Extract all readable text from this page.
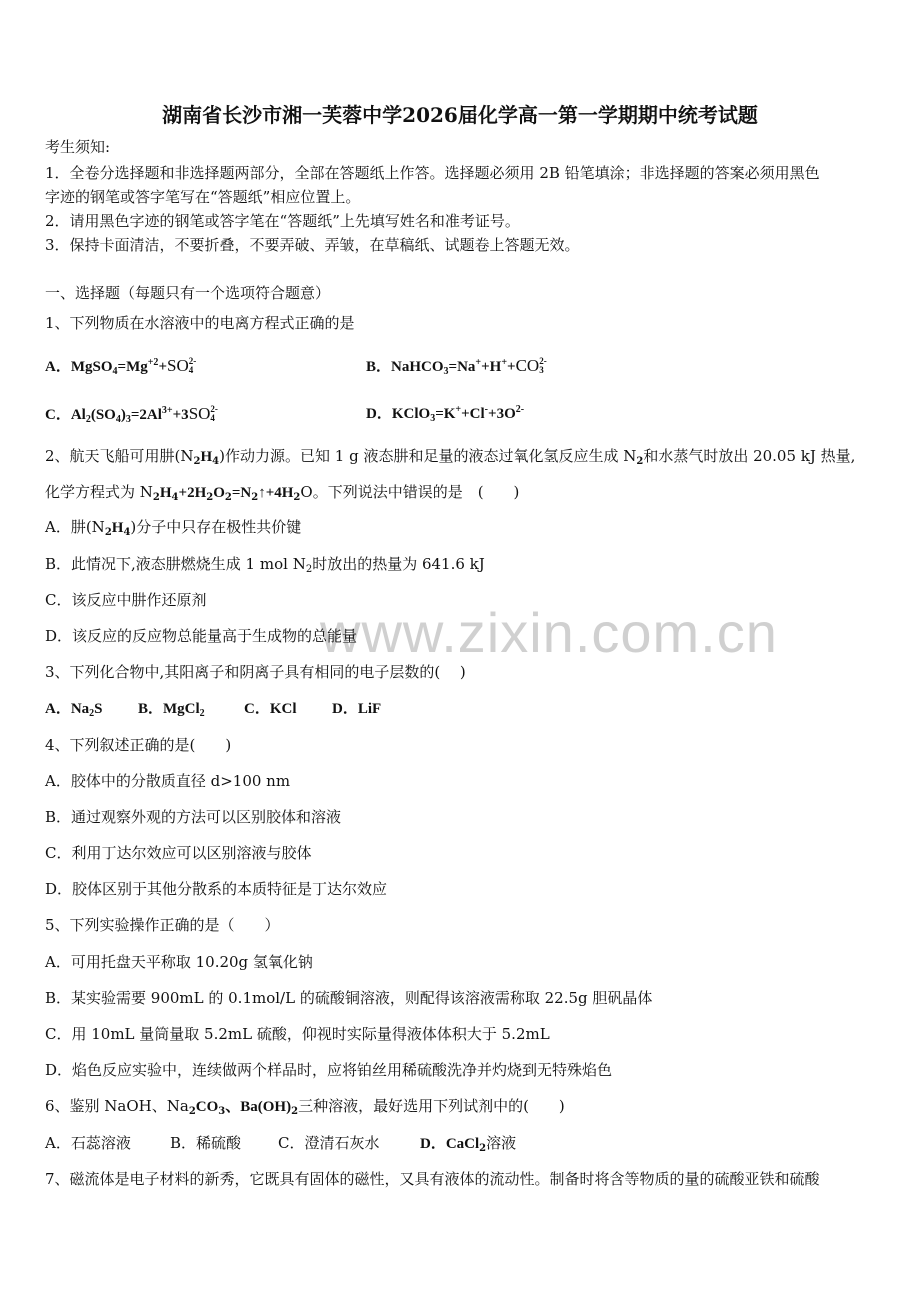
www.zixin.com.cn
湖南省长沙市湘一芙蓉中学2026届化学高一第一学期期中统考试题
考生须知:
1．全卷分选择题和非选择题两部分，全部在答题纸上作答。选择题必须用 2B 铅笔填涂；非选择题的答案必须用黑色
字迹的钢笔或答字笔写在“答题纸”相应位置上。
2．请用黑色字迹的钢笔或答字笔在“答题纸”上先填写姓名和准考证号。
3．保持卡面清洁，不要折叠，不要弄破、弄皱，在草稿纸、试题卷上答题无效。
一、选择题（每题只有一个选项符合题意）
1、下列物质在水溶液中的电离方程式正确的是
A．$MgSO_4=Mg^{+2}+SO$ 2-
4	B．NaHCO$_3$=Na++H++CO 2-
3
C．$Al_2(SO_4)_3=2Al^{3+}+3SO$ 2-
4	D．$KClO_3=K^++Cl^-+3O^{2-}$
2、航天飞船可用肼$(N_2H_4)$作动力源。已知 1 g 液态肼和足量的液态过氧化氢反应生成 $N_2$和水蒸气时放出 20.05 kJ 热量,
化学方程式为 $N_2H_4+2H_2O_2=N_2↑+4H_2O$。下列说法中错误的是　(　　)
A．肼$(N_2H_4)$分子中只存在极性共价键
B．此情况下,液态肼燃烧生成 1 mol $N_2$时放出的热量为 641.6 kJ
C．该反应中肼作还原剂
D．该反应的反应物总能量高于生成物的总能量
3、下列化合物中,其阳离子和阴离子具有相同的电子层数的(　 )
A．$Na_2S$ B．MgCl$_2$	C．KCl D．LiF
4、下列叙述正确的是(　　)
A．胶体中的分散质直径 d>100 nm
B．通过观察外观的方法可以区别胶体和溶液
C．利用丁达尔效应可以区别溶液与胶体
D．胶体区别于其他分散系的本质特征是丁达尔效应
5、下列实验操作正确的是（　　）
A．可用托盘天平称取 10.20g 氢氧化钠
B．某实验需要 900mL 的 0.1mol/L 的硫酸铜溶液，则配得该溶液需称取 22.5g 胆矾晶体
C．用 10mL 量筒量取 5.2mL 硫酸，仰视时实际量得液体体积大于 5.2mL
D．焰色反应实验中，连续做两个样品时，应将铂丝用稀硫酸洗净并灼烧到无特殊焰色
6、鉴别 NaOH、$Na_2CO_3$、$Ba(OH)_2$三种溶液，最好选用下列试剂中的(　　)
A．石蕊溶液	B．稀硫酸 C．澄清石灰水	D．CaCl$_2$溶液
7、磁流体是电子材料的新秀，它既具有固体的磁性，又具有液体的流动性。制备时将含等物质的量的硫酸亚铁和硫酸
